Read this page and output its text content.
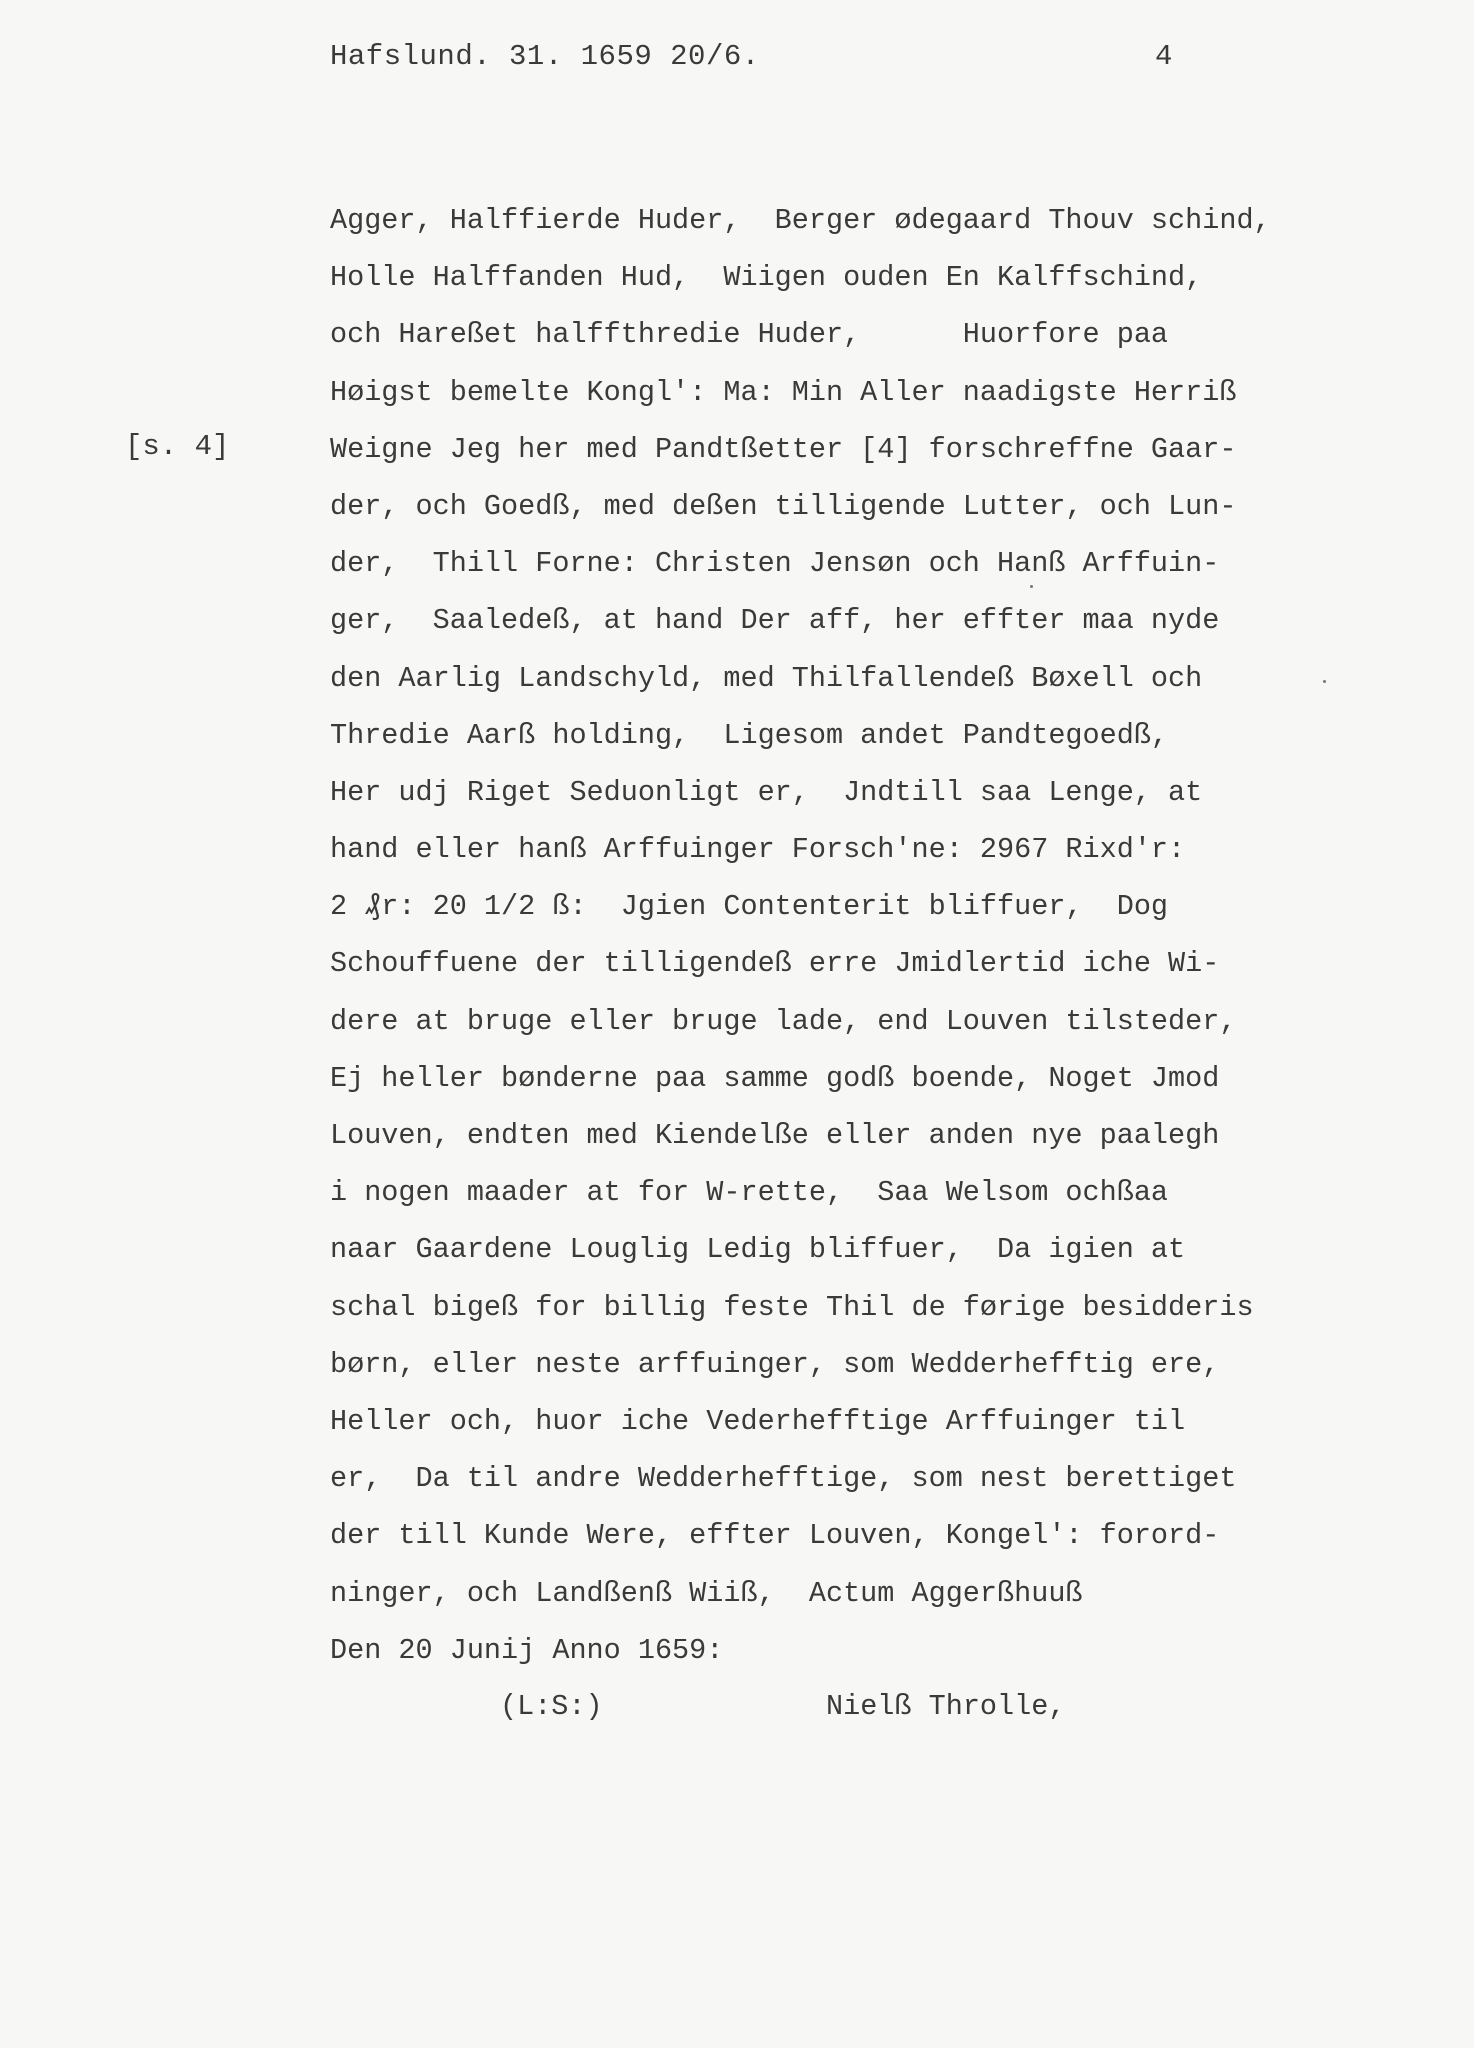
Hafslund. 31. 1659 20/6.	4
[s. 4]
Agger, Halffierde Huder,  Berger ødegaard Thouv schind,
Holle Halffanden Hud,  Wiigen ouden En Kalffschind,
och Hareßet halffthredie Huder,      Huorfore paa
Høigst bemelte Kongl': Ma: Min Aller naadigste Herriß
Weigne Jeg her med Pandtßetter [4] forschreffne Gaar-
der, och Goedß, med deßen tilligende Lutter, och Lun-
der,  Thill Forne: Christen Jensøn och Hanß Arffuin-
ger,  Saaledeß, at hand Der aff, her effter maa nyde
den Aarlig Landschyld, med Thilfallendeß Bøxell och
Thredie Aarß holding,  Ligesom andet Pandtegoedß,
Her udj Riget Seduonligt er,  Jndtill saa Lenge, at
hand eller hanß Arffuinger Forsch'ne: 2967 Rixd'r:
2 ₰r: 20 1/2 ß:  Jgien Contenterit bliffuer,  Dog
Schouffuene der tilligendeß erre Jmidlertid iche Wi-
dere at bruge eller bruge lade, end Louven tilsteder,
Ej heller bønderne paa samme godß boende, Noget Jmod
Louven, endten med Kiendelße eller anden nye paalegh
i nogen maader at for W-rette,  Saa Welsom ochßaa
naar Gaardene Louglig Ledig bliffuer,  Da igien at
schal bigeß for billig feste Thil de førige besidderis
børn, eller neste arffuinger, som Wedderhefftig ere,
Heller och, huor iche Vederhefftige Arffuinger til
er,  Da til andre Wedderhefftige, som nest berettiget
der till Kunde Were, effter Louven, Kongel': forord-
ninger, och Landßenß Wiiß,  Actum Aggerßhuuß
Den 20 Junij Anno 1659:
(L:S:)	Nielß Throlle,
